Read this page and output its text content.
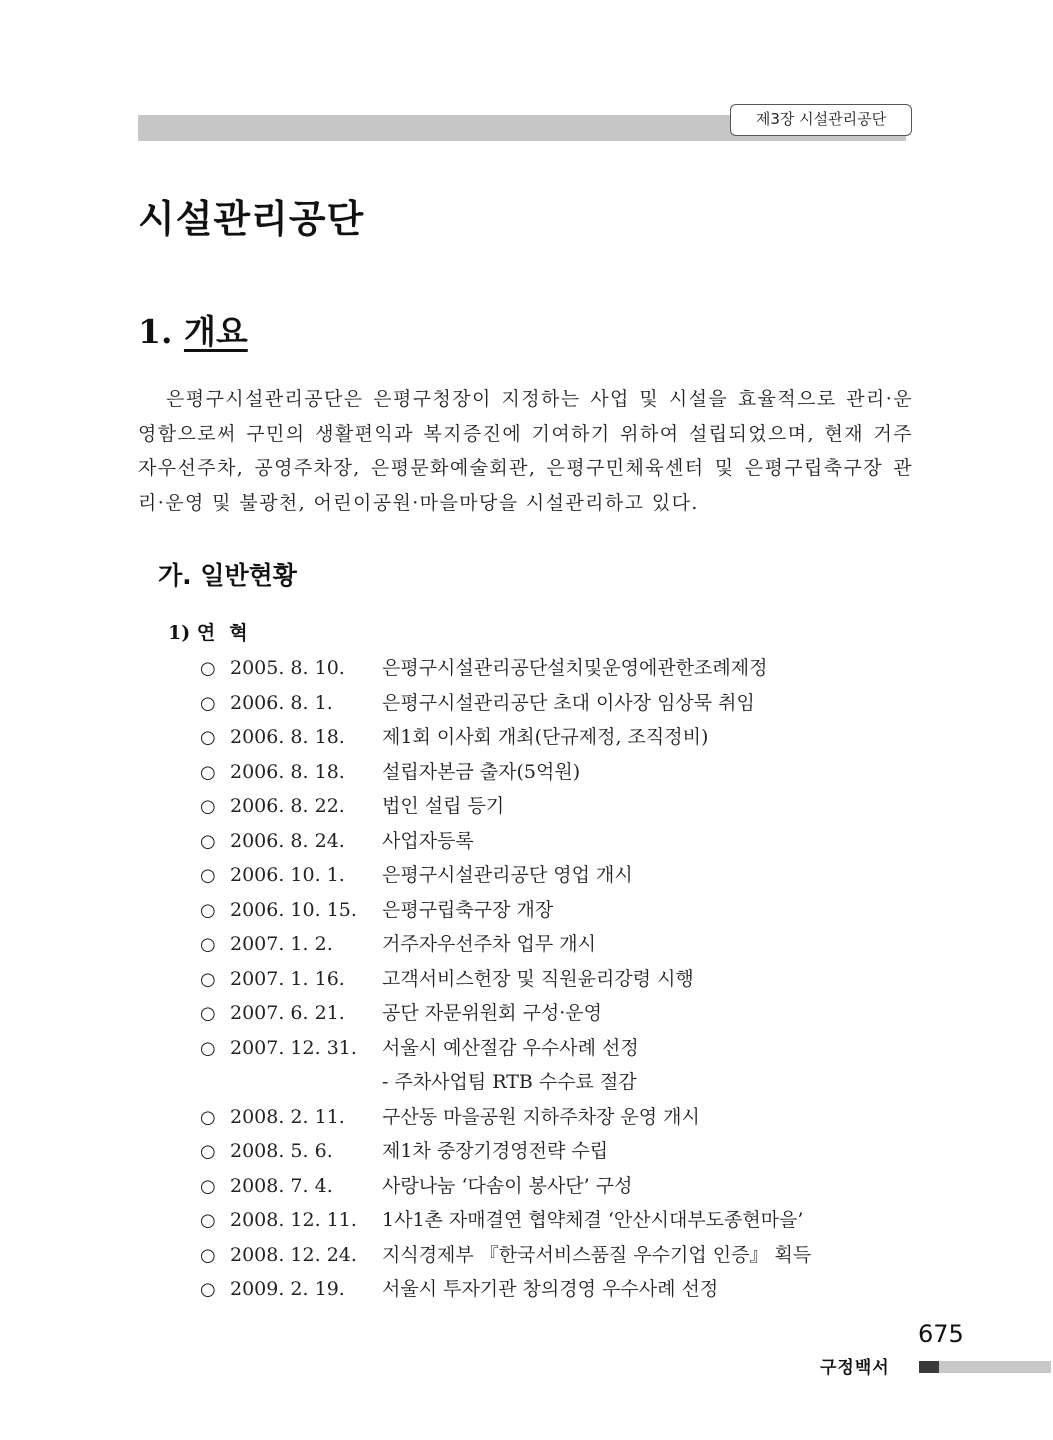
제3장 시설관리공단
시설관리공단
1. 개요

은평구시설관리공단은 은평구청장이 지정하는 사업 및 시설을 효율적으로 관리·운영함으로써 구민의 생활편익과 복지증진에 기여하기 위하여 설립되었으며, 현재 거주자우선주차, 공영주차장, 은평문화예술회관, 은평구민체육센터 및 은평구립축구장 관리·운영 및 불광천, 어린이공원·마을마당을 시설관리하고 있다.

가. 일반현황
1) 연혁
○ 2005. 8. 10. 은평구시설관리공단설치및운영에관한조례제정
○ 2006. 8. 1.	은평구시설관리공단 초대 이사장 임상묵 취임
○ 2006. 8. 18. 제1회 이사회 개최(단규제정, 조직정비)
○ 2006. 8. 18. 설립자본금 출자(5억원)
○ 2006. 8. 22. 법인 설립 등기
○ 2006. 8. 24. 사업자등록
○ 2006. 10. 1. 은평구시설관리공단 영업 개시
○ 2006. 10. 15. 은평구립축구장 개장
○ 2007. 1. 2.	거주자우선주차 업무 개시
○ 2007. 1. 16. 고객서비스헌장 및 직원윤리강령 시행
○ 2007. 6. 21. 공단 자문위원회 구성·운영
○ 2007. 12. 31. 서울시 예산절감 우수사례 선정
- 주차사업팀 RTB 수수료 절감
○ 2008. 2. 11. 구산동 마을공원 지하주차장 운영 개시
○ 2008. 5. 6.	제1차 중장기경영전략 수립
○ 2008. 7. 4.	사랑나눔 ‘다솜이 봉사단’ 구성
○ 2008. 12. 11. 1사1촌 자매결연 협약체결 ‘안산시대부도종현마을’
○ 2008. 12. 24. 지식경제부 『한국서비스품질 우수기업 인증』 획득
○ 2009. 2. 19. 서울시 투자기관 창의경영 우수사례 선정
675
구정백서
